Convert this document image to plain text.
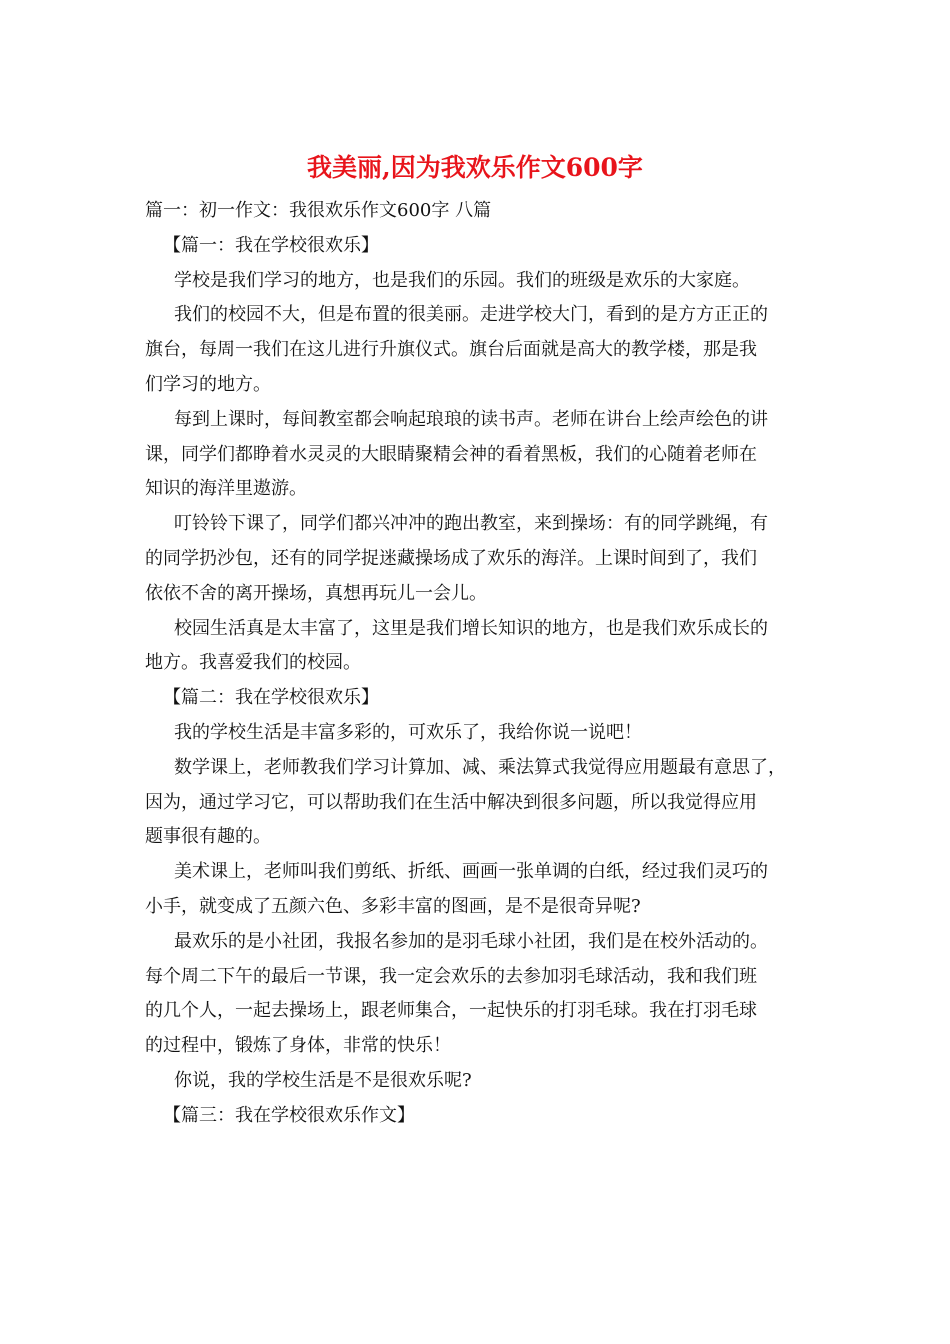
我美丽,因为我欢乐作文600字

篇一：初一作文：我很欢乐作文600字 八篇

【篇一：我在学校很欢乐】

学校是我们学习的地方，也是我们的乐园。我们的班级是欢乐的大家庭。

我们的校园不大，但是布置的很美丽。走进学校大门，看到的是方方正正的

旗台，每周一我们在这儿进行升旗仪式。旗台后面就是高大的教学楼，那是我

们学习的地方。

每到上课时，每间教室都会响起琅琅的读书声。老师在讲台上绘声绘色的讲

课，同学们都睁着水灵灵的大眼睛聚精会神的看着黑板，我们的心随着老师在

知识的海洋里遨游。

叮铃铃下课了，同学们都兴冲冲的跑出教室，来到操场：有的同学跳绳，有

的同学扔沙包，还有的同学捉迷藏操场成了欢乐的海洋。上课时间到了，我们

依依不舍的离开操场，真想再玩儿一会儿。

校园生活真是太丰富了，这里是我们增长知识的地方，也是我们欢乐成长的

地方。我喜爱我们的校园。

【篇二：我在学校很欢乐】

我的学校生活是丰富多彩的，可欢乐了，我给你说一说吧！

数学课上，老师教我们学习计算加、减、乘法算式我觉得应用题最有意思了，

因为，通过学习它，可以帮助我们在生活中解决到很多问题，所以我觉得应用

题事很有趣的。

美术课上，老师叫我们剪纸、折纸、画画一张单调的白纸，经过我们灵巧的

小手，就变成了五颜六色、多彩丰富的图画，是不是很奇异呢?

最欢乐的是小社团，我报名参加的是羽毛球小社团，我们是在校外活动的。

每个周二下午的最后一节课，我一定会欢乐的去参加羽毛球活动，我和我们班

的几个人，一起去操场上，跟老师集合，一起快乐的打羽毛球。我在打羽毛球

的过程中，锻炼了身体，非常的快乐！

你说，我的学校生活是不是很欢乐呢?

【篇三：我在学校很欢乐作文】
